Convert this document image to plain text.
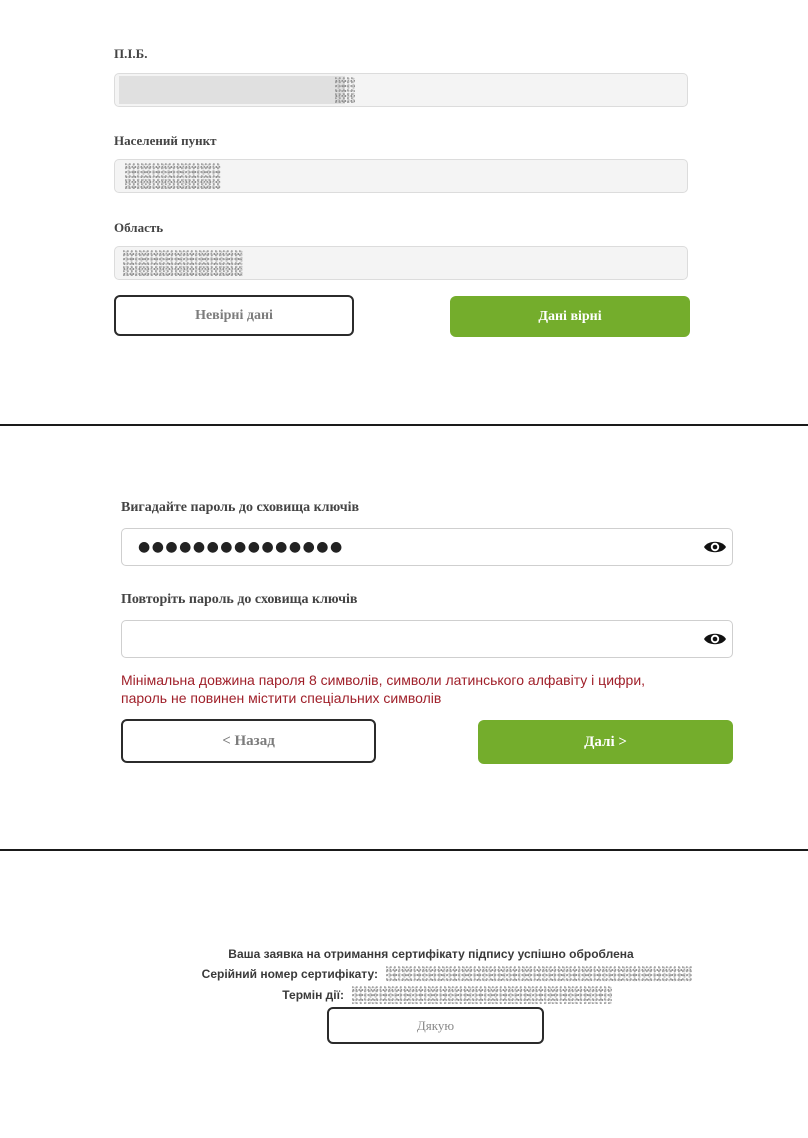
П.І.Б.
Населений пункт
Область
Невірні дані	Дані вірні
Вигадайте пароль до сховища ключів
●●●●●●●●●●●●●●●
Повторіть пароль до сховища ключів
Мінімальна довжина пароля 8 символів, символи латинського алфавіту і цифри,
пароль не повинен містити спеціальних символів
< Назад	Далі >
Ваша заявка на отримання сертифікату підпису успішно оброблена
Серійний номер сертифікату:
Термін дії:
Дякую
